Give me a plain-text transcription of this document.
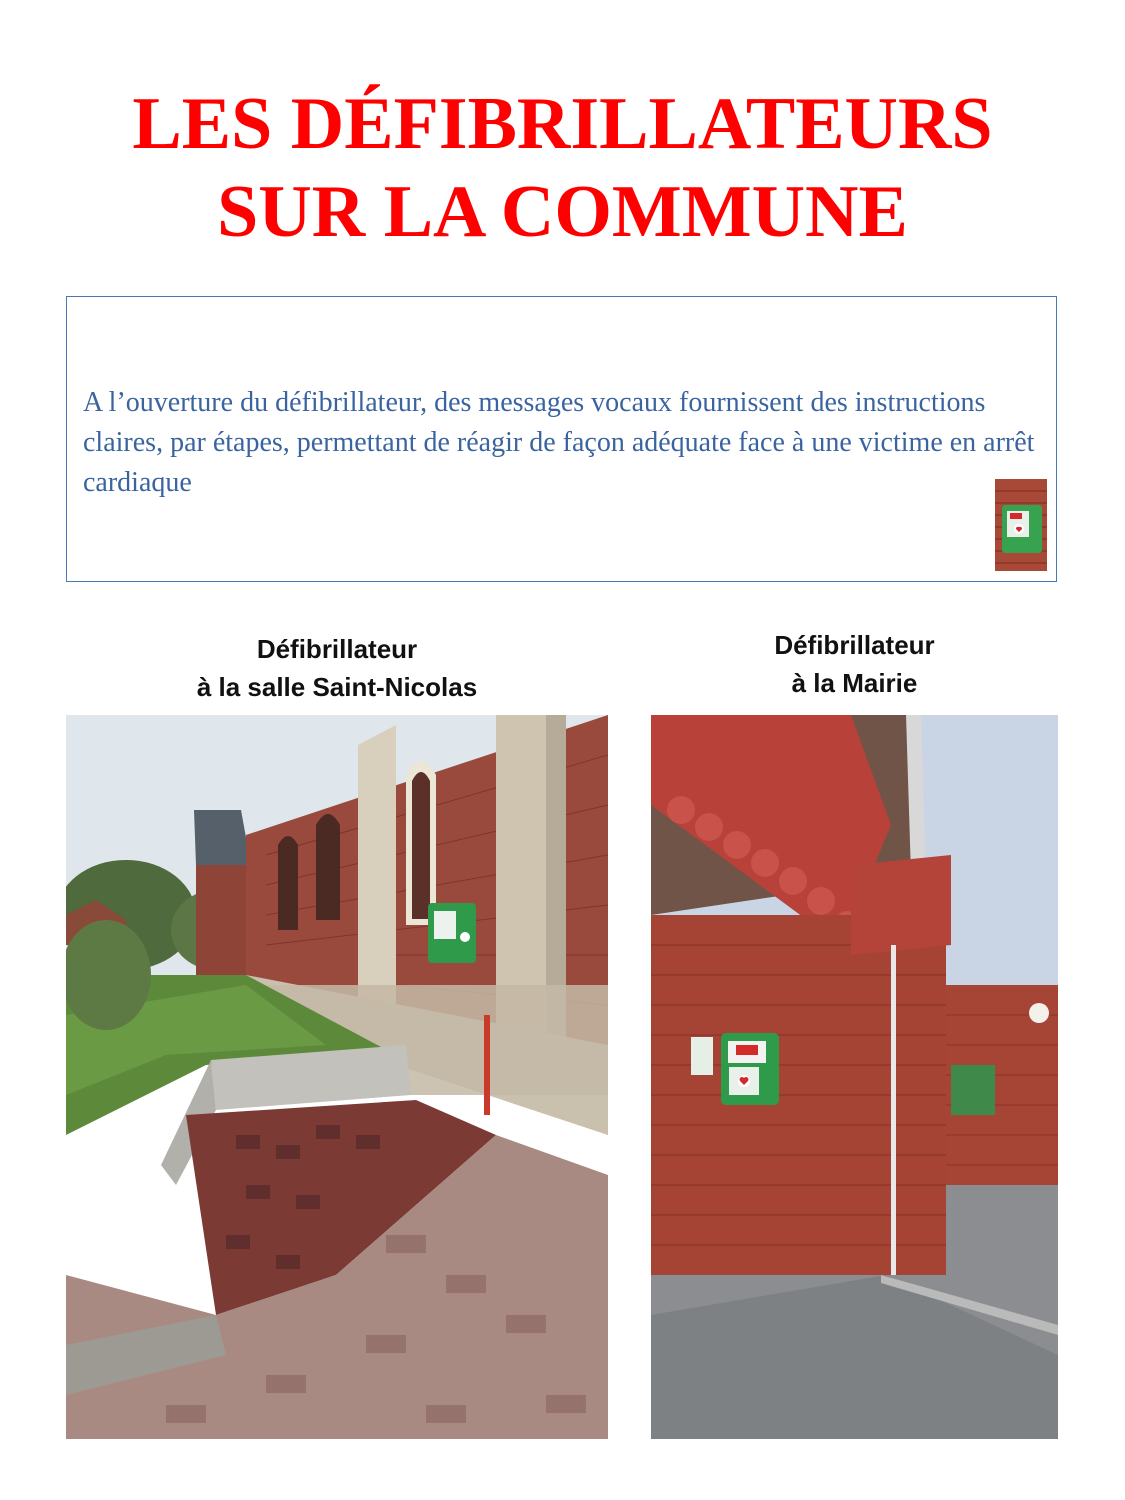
LES DÉFIBRILLATEURS
SUR LA COMMUNE
A l’ouverture du défibrillateur, des messages vocaux fournissent des instructions claires, par étapes, permettant de réagir de façon adéquate face à une victime en arrêt cardiaque
Défibrillateur
à la salle Saint-Nicolas
Défibrillateur
à la Mairie
